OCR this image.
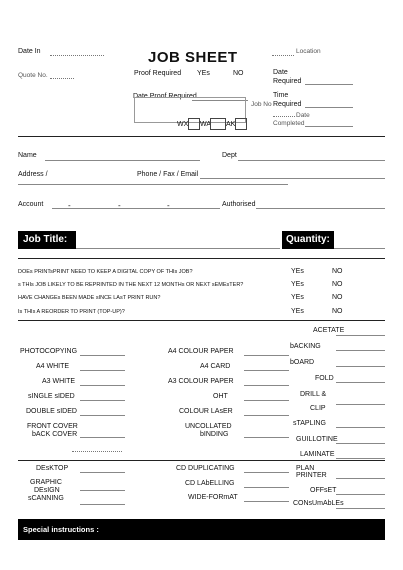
Date In	JOB SHEET	Location
Quote No.	Proof Required YEs	NO	Date
Required
Date Proof Required
Job No
Time
Required
Date
Completed
WX WA AK
Name	Dept
Address /	Phone / Fax / Email
Account	-	-	-	Authorised
Job Title:	Quantity:
DOEs PRINTsPRINT NEED TO KEEP A DIGITAL COPY OF THIs JOB?	YEs	NO
s THIs JOB LIKELY TO BE REPRINTED IN THE NEXT 12 MONTHs OR NEXT sEMEsTER?	YEs	NO
HAVE CHANGEs BEEN MADE sINCE LAsT PRINT RUN?	YEs	NO
Is THIs A REORDER TO PRINT (TOP-UP)?	YEs	NO
PHOTOCOPYING
A4 WHITE
A3 WHITE
sINGLE sIDED
DOUBLE sIDED
FRONT COVER
bACK COVER
A4 COLOUR PAPER
A4 CARD
A3 COLOUR PAPER
OHT
COLOUR LAsER
UNCOLLATED
bINDING
ACETATE
bACKING
bOARD
FOLD
DRILL &
CLIP
sTAPLING
GUILLOTINE
LAMINATE
DEsKTOP
GRAPHIC
DEsIGN
sCANNING
CD DUPLICATING
CD LAbELLING
WIDE-FORmAT
PLAN
PRINTER
OFFsET
CONsUmAbLEs
Special instructions :
